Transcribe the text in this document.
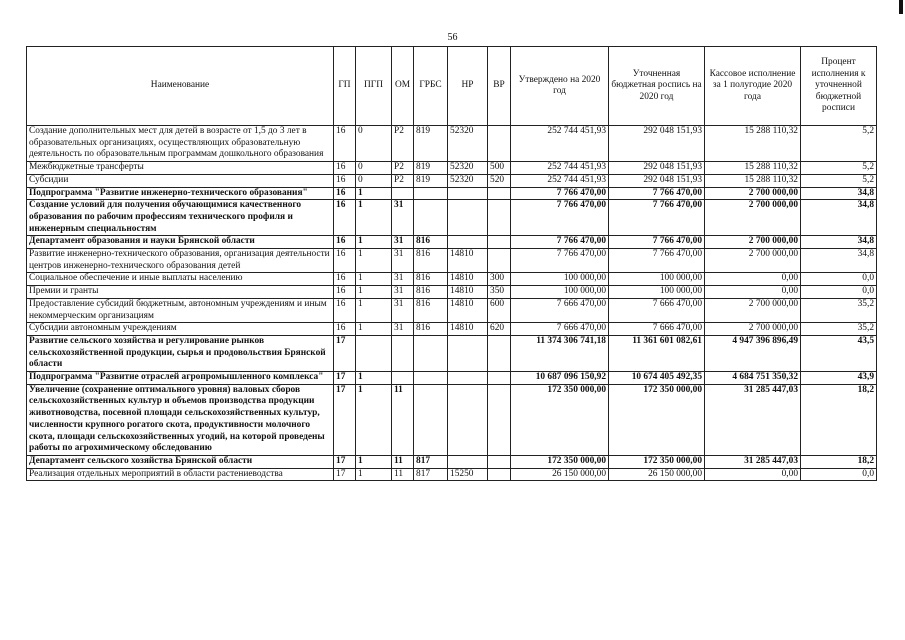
56
Наименование	ГП	ПГП	ОМ	ГРБС	НР	ВР	Утверждено на 2020 год	Уточненная бюджетная роспись на 2020 год	Кассовое исполнение за 1 полугодие 2020 года	Процент исполнения к уточненной бюджетной росписи
Создание дополнительных мест для детей в возрасте от 1,5 до 3 лет в образовательных организациях, осуществляющих образовательную деятельность по образовательным программам дошкольного образования	16	0	Р2	819	52320		252 744 451,93	292 048 151,93	15 288 110,32	5,2
Межбюджетные трансферты	16	0	Р2	819	52320	500	252 744 451,93	292 048 151,93	15 288 110,32	5,2
Субсидии	16	0	Р2	819	52320	520	252 744 451,93	292 048 151,93	15 288 110,32	5,2
Подпрограмма "Развитие инженерно-технического образования"	16	1					7 766 470,00	7 766 470,00	2 700 000,00	34,8
Создание условий для получения обучающимися качественного образования по рабочим профессиям технического профиля и инженерным специальностям	16	1	31				7 766 470,00	7 766 470,00	2 700 000,00	34,8
Департамент образования и науки Брянской области	16	1	31	816			7 766 470,00	7 766 470,00	2 700 000,00	34,8
Развитие инженерно-технического образования, организация деятельности центров инженерно-технического образования детей	16	1	31	816	14810		7 766 470,00	7 766 470,00	2 700 000,00	34,8
Социальное обеспечение и иные выплаты населению	16	1	31	816	14810	300	100 000,00	100 000,00	0,00	0,0
Премии и гранты	16	1	31	816	14810	350	100 000,00	100 000,00	0,00	0,0
Предоставление субсидий бюджетным, автономным учреждениям и иным некоммерческим организациям	16	1	31	816	14810	600	7 666 470,00	7 666 470,00	2 700 000,00	35,2
Субсидии автономным учреждениям	16	1	31	816	14810	620	7 666 470,00	7 666 470,00	2 700 000,00	35,2
Развитие сельского хозяйства и регулирование рынков сельскохозяйственной продукции, сырья и продовольствия Брянской области	17						11 374 306 741,18	11 361 601 082,61	4 947 396 896,49	43,5
Подпрограмма "Развитие отраслей агропромышленного комплекса"	17	1					10 687 096 150,92	10 674 405 492,35	4 684 751 350,32	43,9
Увеличение (сохранение оптимального уровня) валовых сборов сельскохозяйственных культур и объемов производства продукции животноводства, посевной площади сельскохозяйственных культур, численности крупного рогатого скота, продуктивности молочного скота, площади сельскохозяйственных угодий, на которой проведены работы по агрохимическому обследованию	17	1	11				172 350 000,00	172 350 000,00	31 285 447,03	18,2
Департамент сельского хозяйства Брянской области	17	1	11	817			172 350 000,00	172 350 000,00	31 285 447,03	18,2
Реализация отдельных мероприятий в области растениеводства	17	1	11	817	15250		26 150 000,00	26 150 000,00	0,00	0,0
